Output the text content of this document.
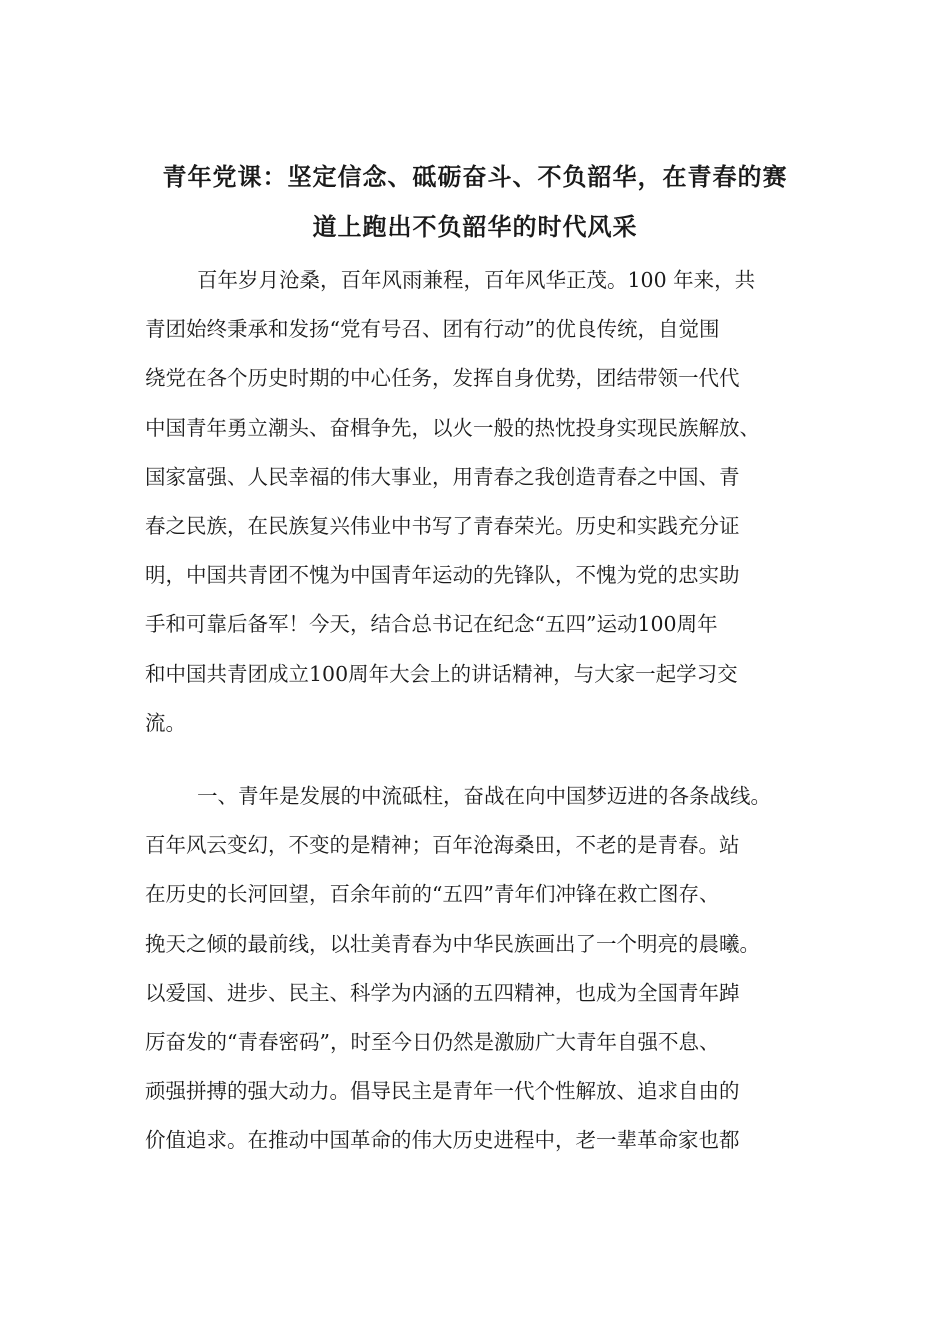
青年党课：坚定信念、砥砺奋斗、不负韶华，在青春的赛
道上跑出不负韶华的时代风采
百年岁月沧桑，百年风雨兼程，百年风华正茂。100 年来，共
青团始终秉承和发扬“党有号召、团有行动”的优良传统，自觉围
绕党在各个历史时期的中心任务，发挥自身优势，团结带领一代代
中国青年勇立潮头、奋楫争先，以火一般的热忱投身实现民族解放、
国家富强、人民幸福的伟大事业，用青春之我创造青春之中国、青
春之民族，在民族复兴伟业中书写了青春荣光。历史和实践充分证
明，中国共青团不愧为中国青年运动的先锋队，不愧为党的忠实助
手和可靠后备军！今天，结合总书记在纪念“五四”运动100周年
和中国共青团成立100周年大会上的讲话精神，与大家一起学习交
流。
一、青年是发展的中流砥柱，奋战在向中国梦迈进的各条战线。
百年风云变幻，不变的是精神；百年沧海桑田，不老的是青春。站
在历史的长河回望，百余年前的“五四”青年们冲锋在救亡图存、
挽天之倾的最前线，以壮美青春为中华民族画出了一个明亮的晨曦。
以爱国、进步、民主、科学为内涵的五四精神，也成为全国青年踔
厉奋发的“青春密码”，时至今日仍然是激励广大青年自强不息、
顽强拼搏的强大动力。倡导民主是青年一代个性解放、追求自由的
价值追求。在推动中国革命的伟大历史进程中，老一辈革命家也都
